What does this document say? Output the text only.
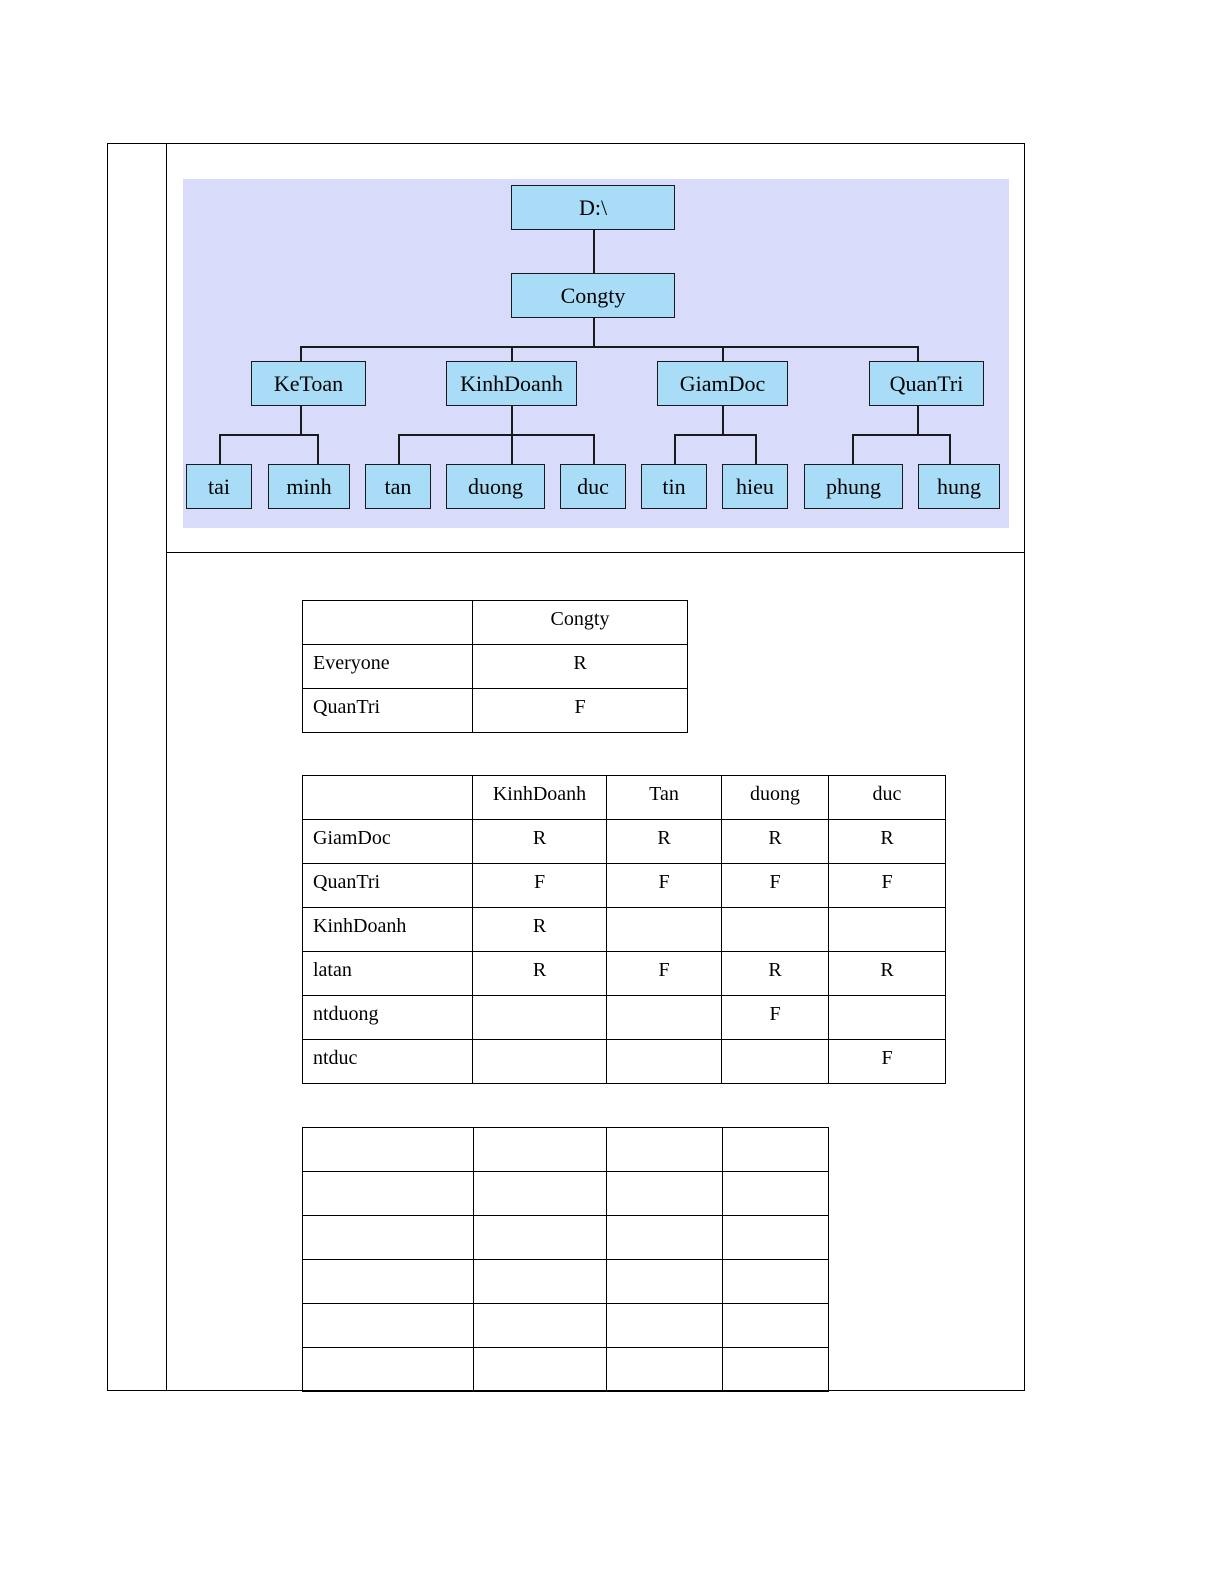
D:\
Congty
KeToan	KinhDoanh	GiamDoc	QuanTri
tai	minh	tan	duong	duc	tin	hieu	phung	hung
	Congty
Everyone	R
QuanTri	F
	KinhDoanh	Tan	duong	duc
GiamDoc	R	R	R	R
QuanTri	F	F	F	F
KinhDoanh	R			
latan	R	F	R	R
ntduong			F	
ntduc				F
